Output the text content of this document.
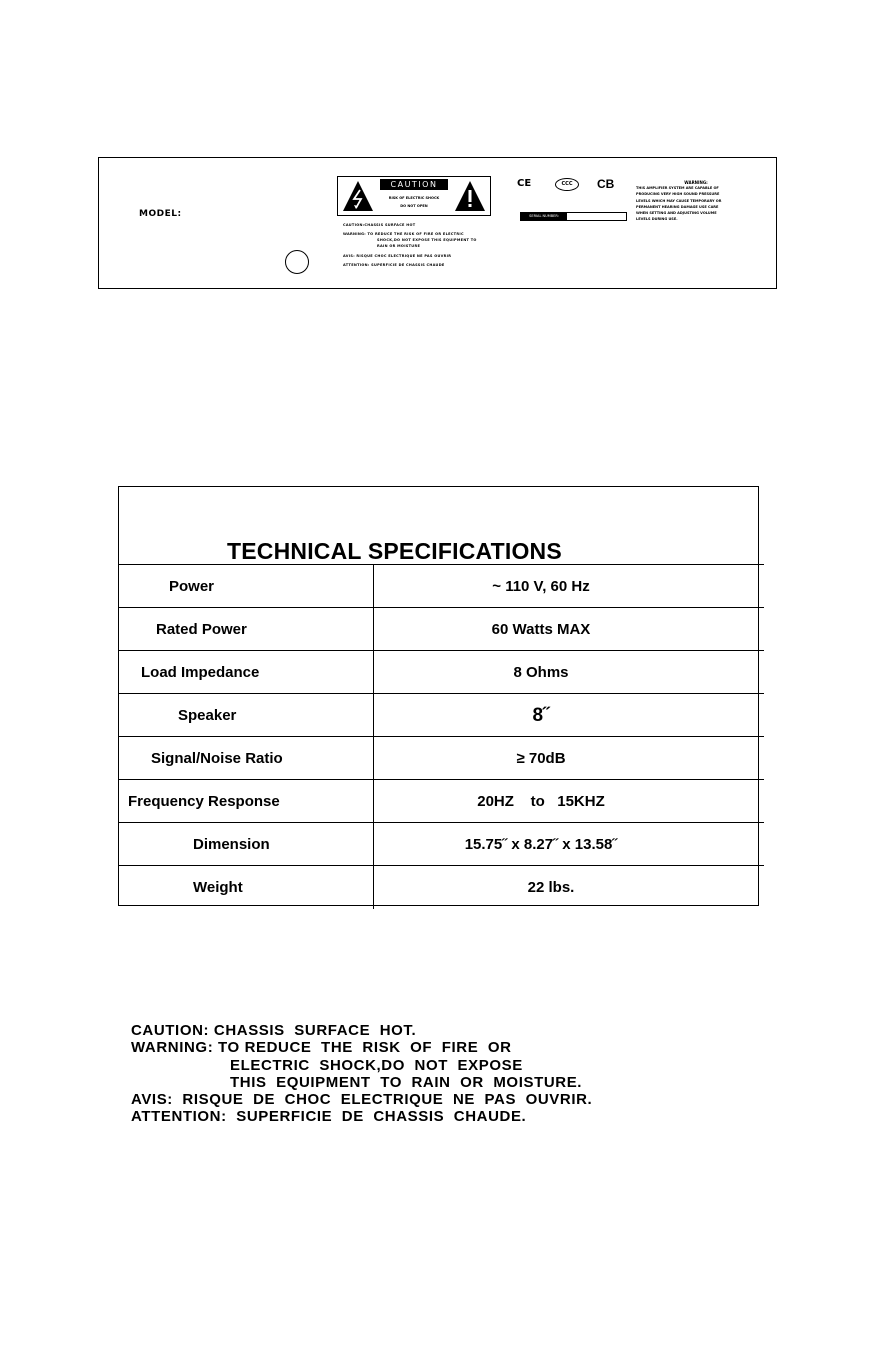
MODEL:
CAUTION
RISK OF ELECTRIC SHOCK
DO NOT OPEN
CAUTION:CHASSIS SURFACE HOT
WARNING: TO REDUCE THE RISK OF FIRE OR ELECTRIC
SHOCK,DO NOT EXPOSE THIS EQUIPMENT TO
RAIN OR MOISTURE
AVIS: RISQUE CHOC ELECTRIQUE NE PAS OUVRIR
ATTENTION: SUPERFICIE DE CHASSIS CHAUDE
CE	CCC	CB
SERIAL NUMBER:
WARNING:
THIS AMPLIFIER SYSTEM ARE CAPABLE OF
PRODUCING VERY HIGH SOUND PRESSURE
LEVELS WHICH MAY CAUSE TEMPORARY OR
PERMANENT HEARING DAMAGE USE CARE
WHEN SETTING AND ADJUSTING VOLUME
LEVELS DURING USE.
TECHNICAL SPECIFICATIONS
Power	~ 110 V, 60 Hz
Rated Power	60 Watts MAX
Load Impedance	8 Ohms
Speaker	8˝
Signal/Noise Ratio	≥ 70dB
Frequency Response	20HZ    to   15KHZ
Dimension	15.75˝ x 8.27˝ x 13.58˝
Weight	22 lbs.
CAUTION: CHASSIS  SURFACE  HOT.
WARNING: TO REDUCE  THE  RISK  OF  FIRE  OR
ELECTRIC  SHOCK,DO  NOT  EXPOSE
THIS  EQUIPMENT  TO  RAIN  OR  MOISTURE.
AVIS:  RISQUE  DE  CHOC  ELECTRIQUE  NE  PAS  OUVRIR.
ATTENTION:  SUPERFICIE  DE  CHASSIS  CHAUDE.
